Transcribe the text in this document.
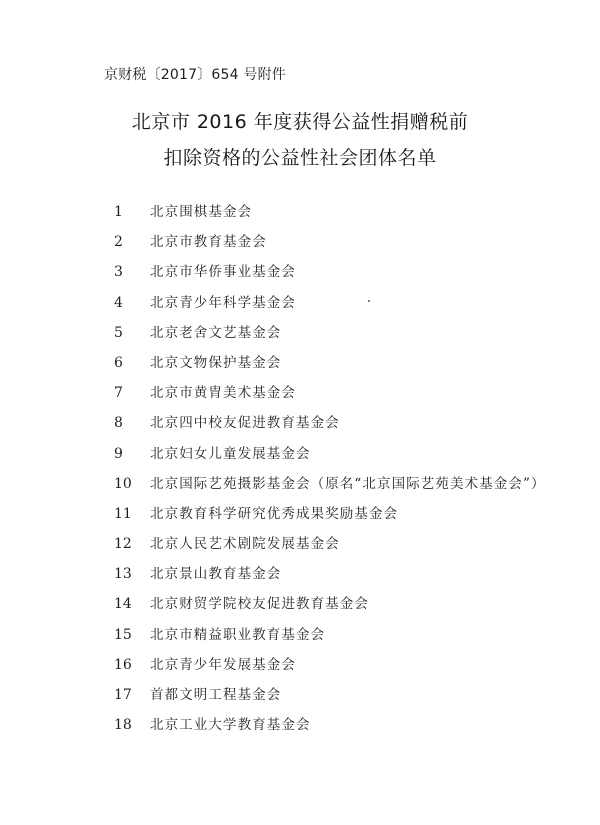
京财税〔2017〕654 号附件
北京市 2016 年度获得公益性捐赠税前
扣除资格的公益性社会团体名单
1	北京围棋基金会
2	北京市教育基金会
3	北京市华侨事业基金会
4	北京青少年科学基金会
5	北京老舍文艺基金会
6	北京文物保护基金会
7	北京市黄胄美术基金会
8	北京四中校友促进教育基金会
9	北京妇女儿童发展基金会
10	北京国际艺苑摄影基金会（原名“北京国际艺苑美术基金会”）
11	北京教育科学研究优秀成果奖励基金会
12	北京人民艺术剧院发展基金会
13	北京景山教育基金会
14	北京财贸学院校友促进教育基金会
15	北京市精益职业教育基金会
16	北京青少年发展基金会
17	首都文明工程基金会
18	北京工业大学教育基金会
